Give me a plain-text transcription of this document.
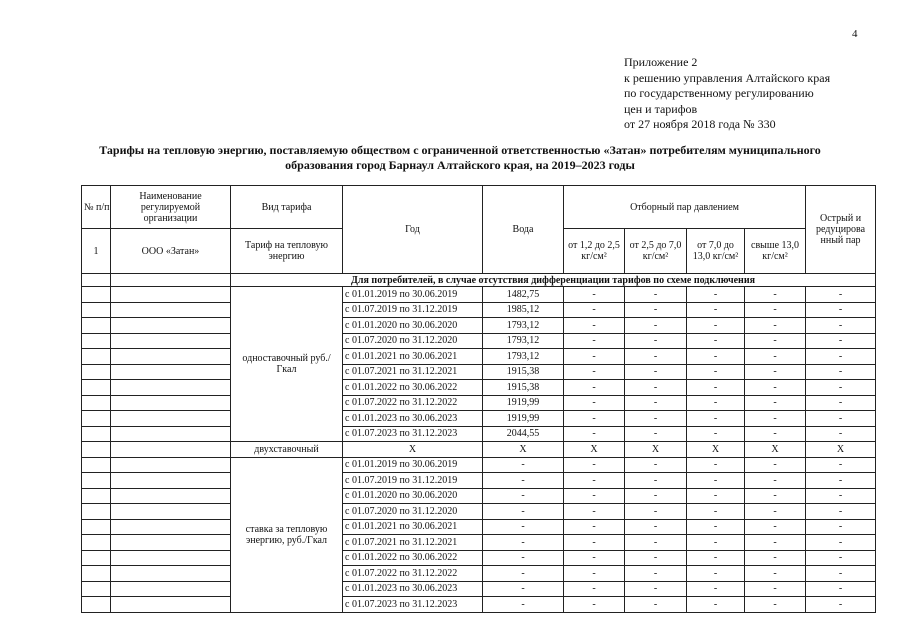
4
Приложение 2
к решению управления Алтайского края
по государственному регулированию
цен и тарифов
от 27 ноября 2018 года № 330
Тарифы на тепловую энергию, поставляемую обществом с ограниченной ответственностью «Затан» потребителям муниципального образования город Барнаул Алтайского края, на 2019–2023 годы
№ п/п	Наименование регулируемой организации	Вид тарифа	Год	Вода	Отборный пар давлением				Острый и редуцирова нный пар
1	ООО «Затан»	Тариф на тепловую энергию			от 1,2 до 2,5 кг/см²	от 2,5 до 7,0 кг/см²	от 7,0 до 13,0 кг/см²	свыше 13,0 кг/см²	
		Для потребителей, в случае отсутствия дифференциации тарифов по схеме подключения							
		одноставочный руб./Гкал	с 01.01.2019 по 30.06.2019	1482,75	-	-	-	-	-
			с 01.07.2019 по 31.12.2019	1985,12	-	-	-	-	-
			с 01.01.2020 по 30.06.2020	1793,12	-	-	-	-	-
			с 01.07.2020 по 31.12.2020	1793,12	-	-	-	-	-
			с 01.01.2021 по 30.06.2021	1793,12	-	-	-	-	-
			с 01.07.2021 по 31.12.2021	1915,38	-	-	-	-	-
			с 01.01.2022 по 30.06.2022	1915,38	-	-	-	-	-
			с 01.07.2022 по 31.12.2022	1919,99	-	-	-	-	-
			с 01.01.2023 по 30.06.2023	1919,99	-	-	-	-	-
			с 01.07.2023 по 31.12.2023	2044,55	-	-	-	-	-
		двухставочный	Х	Х	Х	Х	Х	Х	Х
		ставка за тепловую энергию, руб./Гкал	с 01.01.2019 по 30.06.2019	-	-	-	-	-	-
			с 01.07.2019 по 31.12.2019	-	-	-	-	-	-
			с 01.01.2020 по 30.06.2020	-	-	-	-	-	-
			с 01.07.2020 по 31.12.2020	-	-	-	-	-	-
			с 01.01.2021 по 30.06.2021	-	-	-	-	-	-
			с 01.07.2021 по 31.12.2021	-	-	-	-	-	-
			с 01.01.2022 по 30.06.2022	-	-	-	-	-	-
			с 01.07.2022 по 31.12.2022	-	-	-	-	-	-
			с 01.01.2023 по 30.06.2023	-	-	-	-	-	-
			с 01.07.2023 по 31.12.2023	-	-	-	-	-	-
